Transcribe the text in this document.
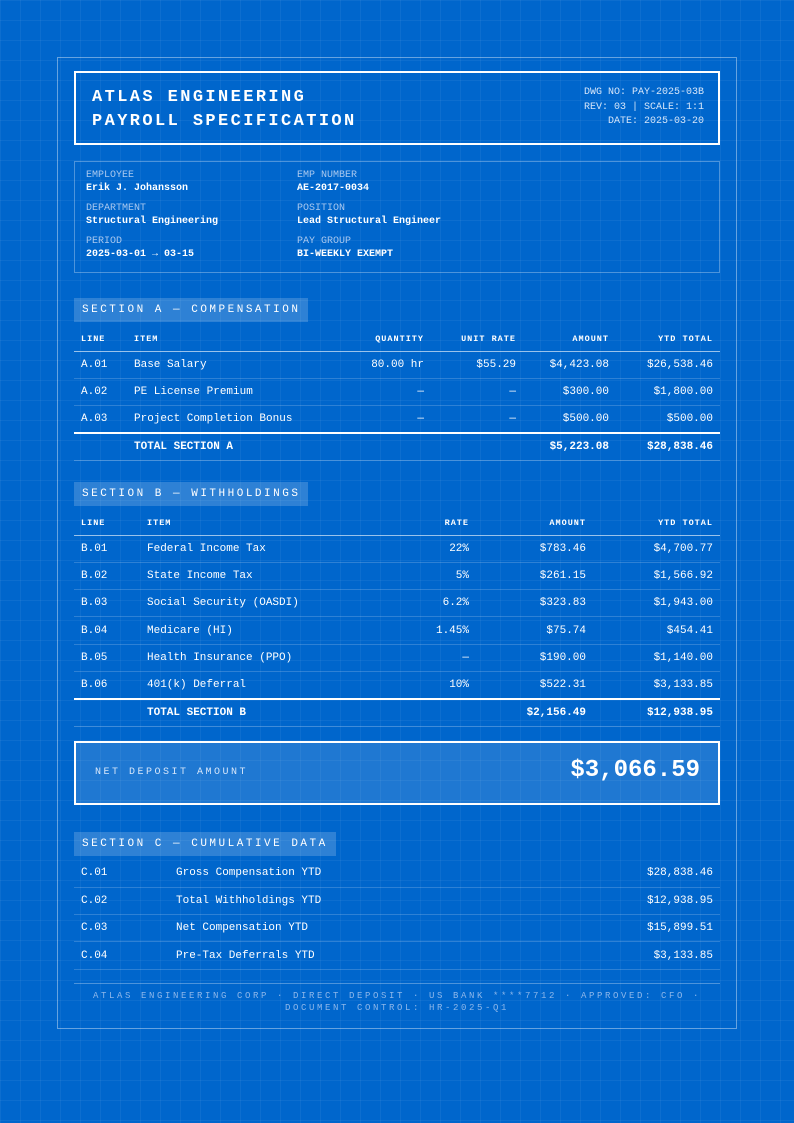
ATLAS ENGINEERING
PAYROLL SPECIFICATION
DWG NO: PAY-2025-03B
REV: 03 | SCALE: 1:1
DATE: 2025-03-20
EMPLOYEE
Erik J. Johansson
EMP NUMBER
AE-2017-0034
DEPARTMENT
Structural Engineering
POSITION
Lead Structural Engineer
PERIOD
2025-03-01 → 03-15
PAY GROUP
BI-WEEKLY EXEMPT
SECTION A — COMPENSATION
LINE	ITEM	QUANTITY	UNIT RATE	AMOUNT	YTD TOTAL
A.01	Base Salary	80.00 hr	$55.29	$4,423.08	$26,538.46
A.02	PE License Premium	—	—	$300.00	$1,800.00
A.03	Project Completion Bonus	—	—	$500.00	$500.00
	TOTAL SECTION A			$5,223.08	$28,838.46
SECTION B — WITHHOLDINGS
LINE	ITEM	RATE	AMOUNT	YTD TOTAL
B.01	Federal Income Tax	22%	$783.46	$4,700.77
B.02	State Income Tax	5%	$261.15	$1,566.92
B.03	Social Security (OASDI)	6.2%	$323.83	$1,943.00
B.04	Medicare (HI)	1.45%	$75.74	$454.41
B.05	Health Insurance (PPO)	—	$190.00	$1,140.00
B.06	401(k) Deferral	10%	$522.31	$3,133.85
	TOTAL SECTION B		$2,156.49	$12,938.95
NET DEPOSIT AMOUNT	$3,066.59
SECTION C — CUMULATIVE DATA
C.01	Gross Compensation YTD	$28,838.46
C.02	Total Withholdings YTD	$12,938.95
C.03	Net Compensation YTD	$15,899.51
C.04	Pre-Tax Deferrals YTD	$3,133.85
ATLAS ENGINEERING CORP · DIRECT DEPOSIT · US BANK ****7712 · APPROVED: CFO ·
DOCUMENT CONTROL: HR-2025-Q1
